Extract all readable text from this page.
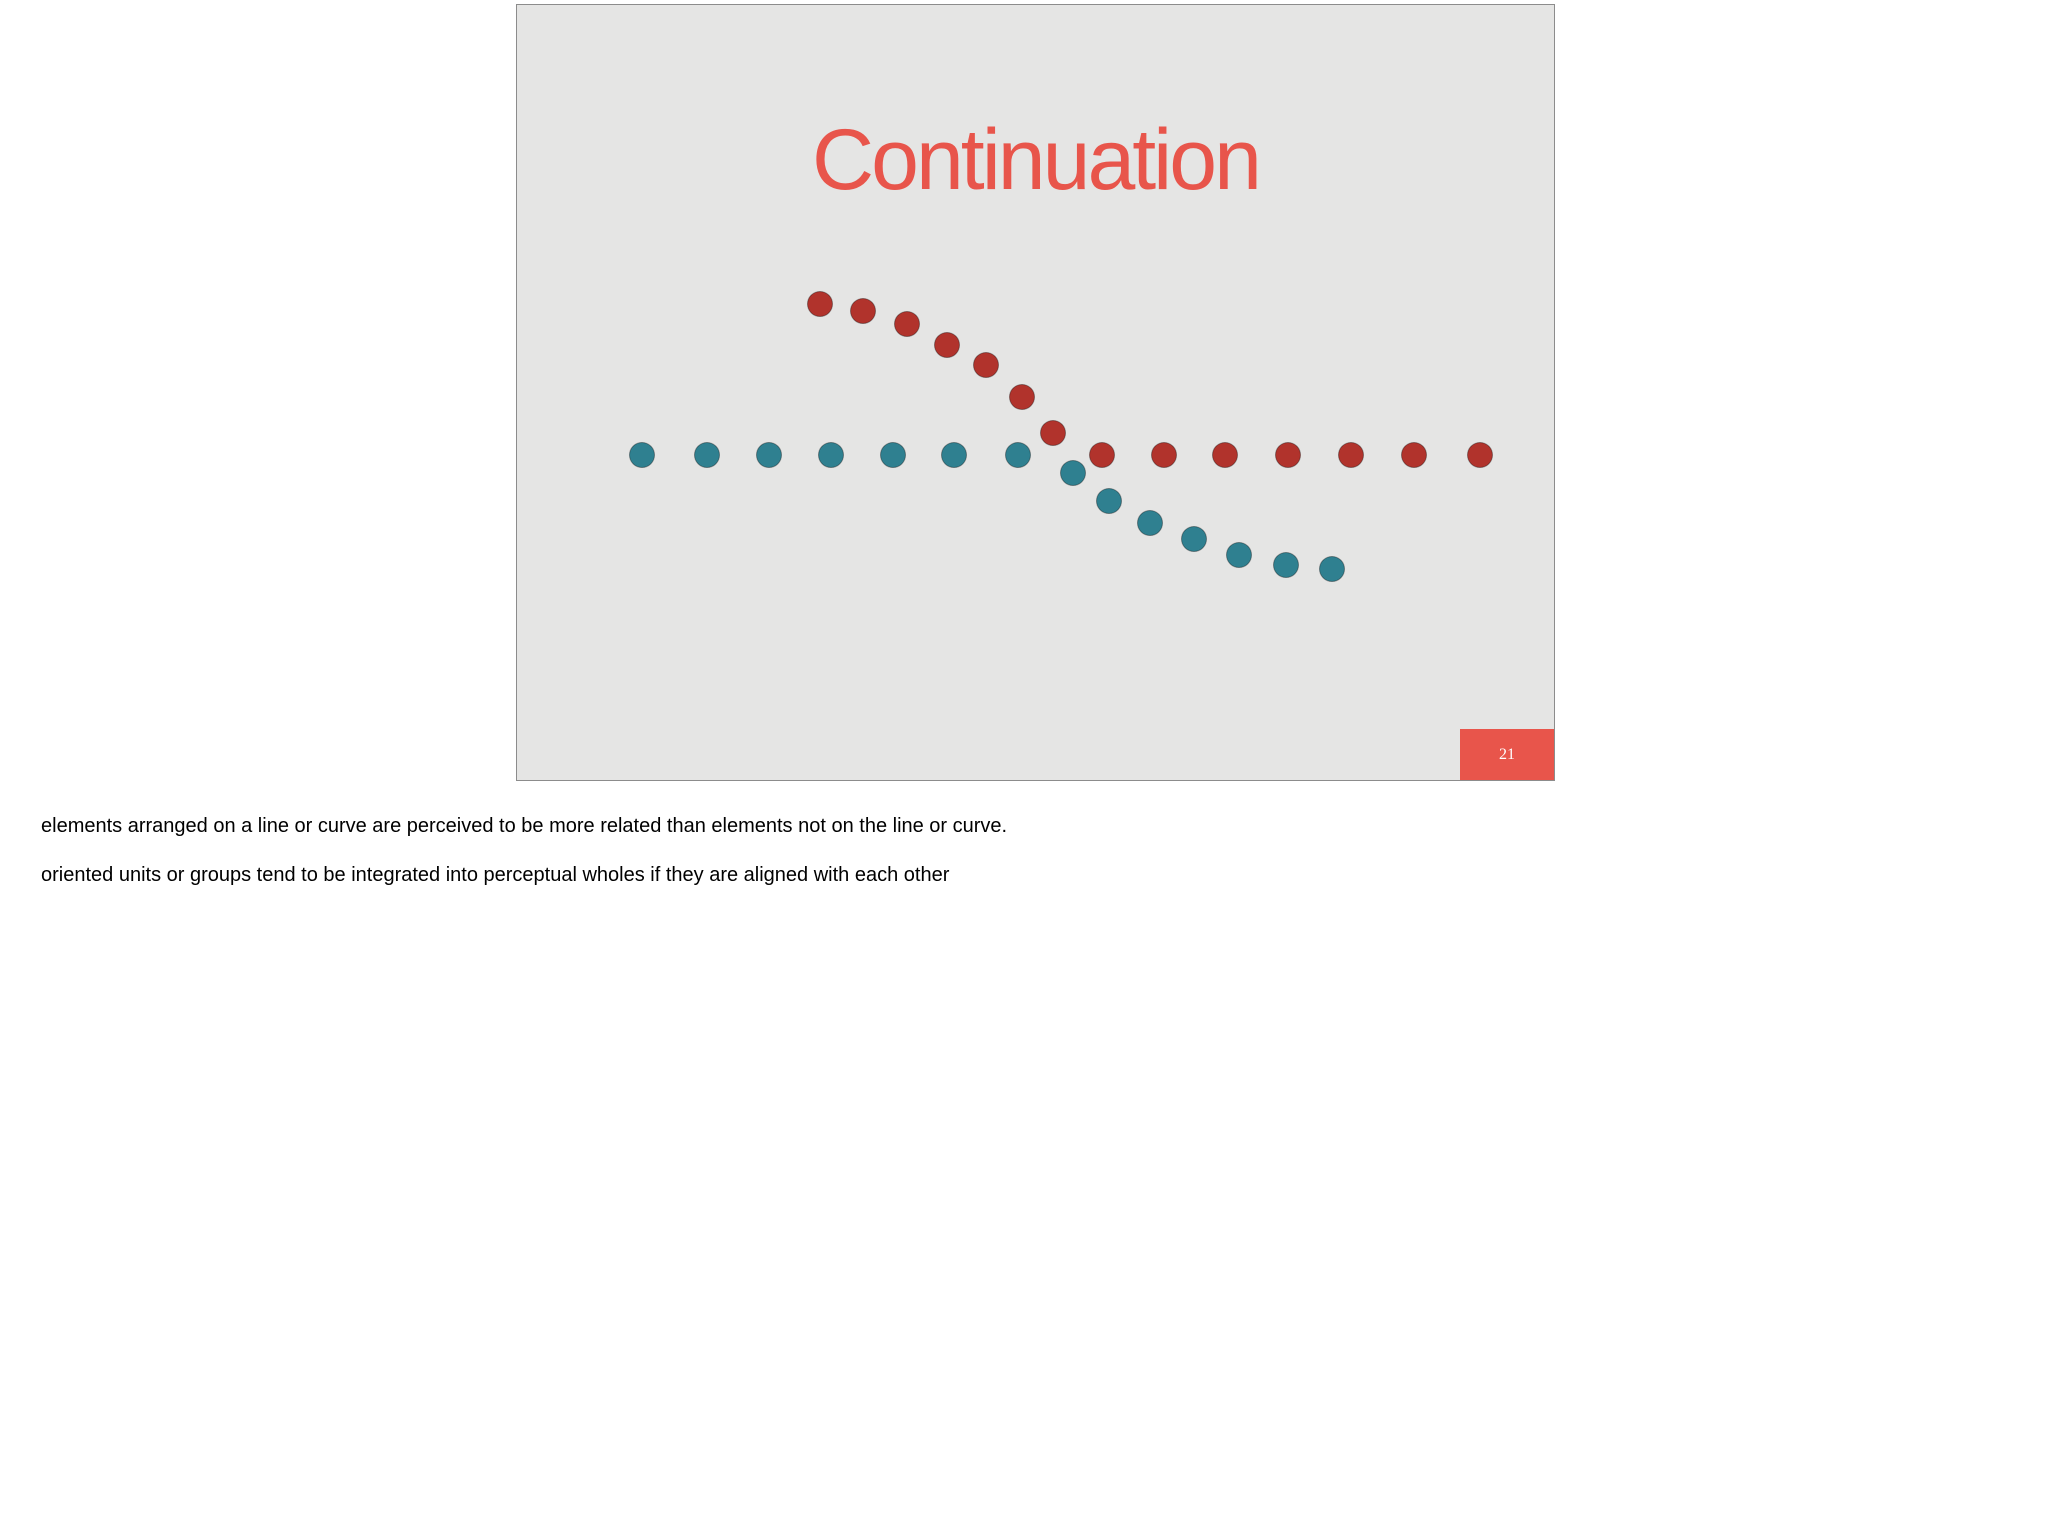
Continuation
21

elements arranged on a line or curve are perceived to be more related than elements not on the line or curve.

oriented units or groups tend to be integrated into perceptual wholes if they are aligned with each other
